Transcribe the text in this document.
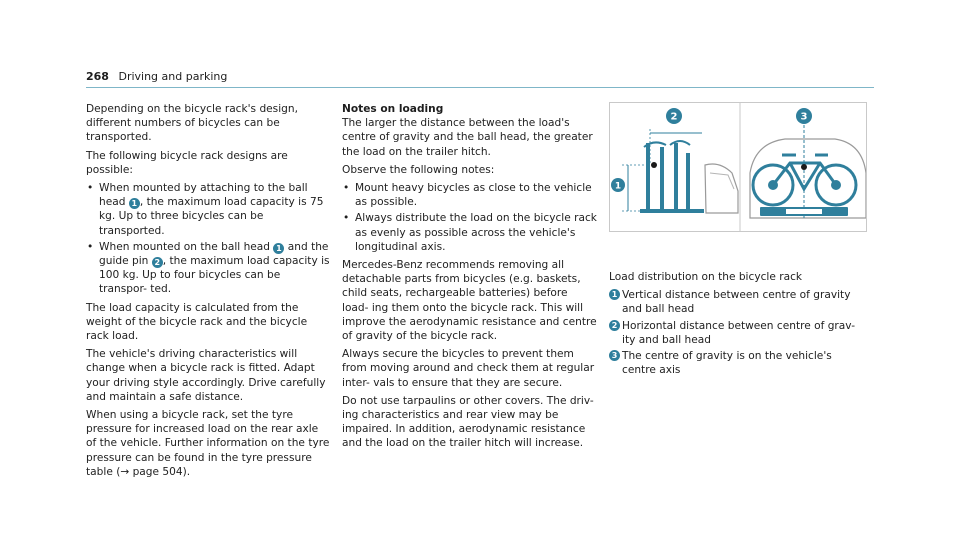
268 Driving and parking

Depending on the bicycle rack's design, different numbers of bicycles can be transported.

The following bicycle rack designs are possible:

• When mounted by attaching to the ball head 1 , the maximum load capacity is 75 kg. Up to three bicycles can be transported.
• When mounted on the ball head 1 and the guide pin 2 , the maximum load capacity is 100 kg. Up to four bicycles can be transpor- ted.

The load capacity is calculated from the weight of the bicycle rack and the bicycle rack load.

The vehicle's driving characteristics will change when a bicycle rack is fitted. Adapt your driving style accordingly. Drive carefully and maintain a safe distance.

When using a bicycle rack, set the tyre pressure for increased load on the rear axle of the vehicle. Further information on the tyre pressure can be found in the tyre pressure table (→ page 504).

Notes on loading

The larger the distance between the load's centre of gravity and the ball head, the greater the load on the trailer hitch.

Observe the following notes:

• Mount heavy bicycles as close to the vehicle as possible.
• Always distribute the load on the bicycle rack as evenly as possible across the vehicle's longitudinal axis.

Mercedes-Benz recommends removing all detachable parts from bicycles (e.g. baskets, child seats, rechargeable batteries) before load- ing them onto the bicycle rack. This will improve the aerodynamic resistance and centre of gravity of the bicycle rack.

Always secure the bicycles to prevent them from moving around and check them at regular inter- vals to ensure that they are secure.

Do not use tarpaulins or other covers. The driv- ing characteristics and rear view may be impaired. In addition, aerodynamic resistance and the load on the trailer hitch will increase.

1
2	3

Load distribution on the bicycle rack

1 Vertical distance between centre of gravity and ball head
2 Horizontal distance between centre of grav- ity and ball head
3 The centre of gravity is on the vehicle's centre axis
